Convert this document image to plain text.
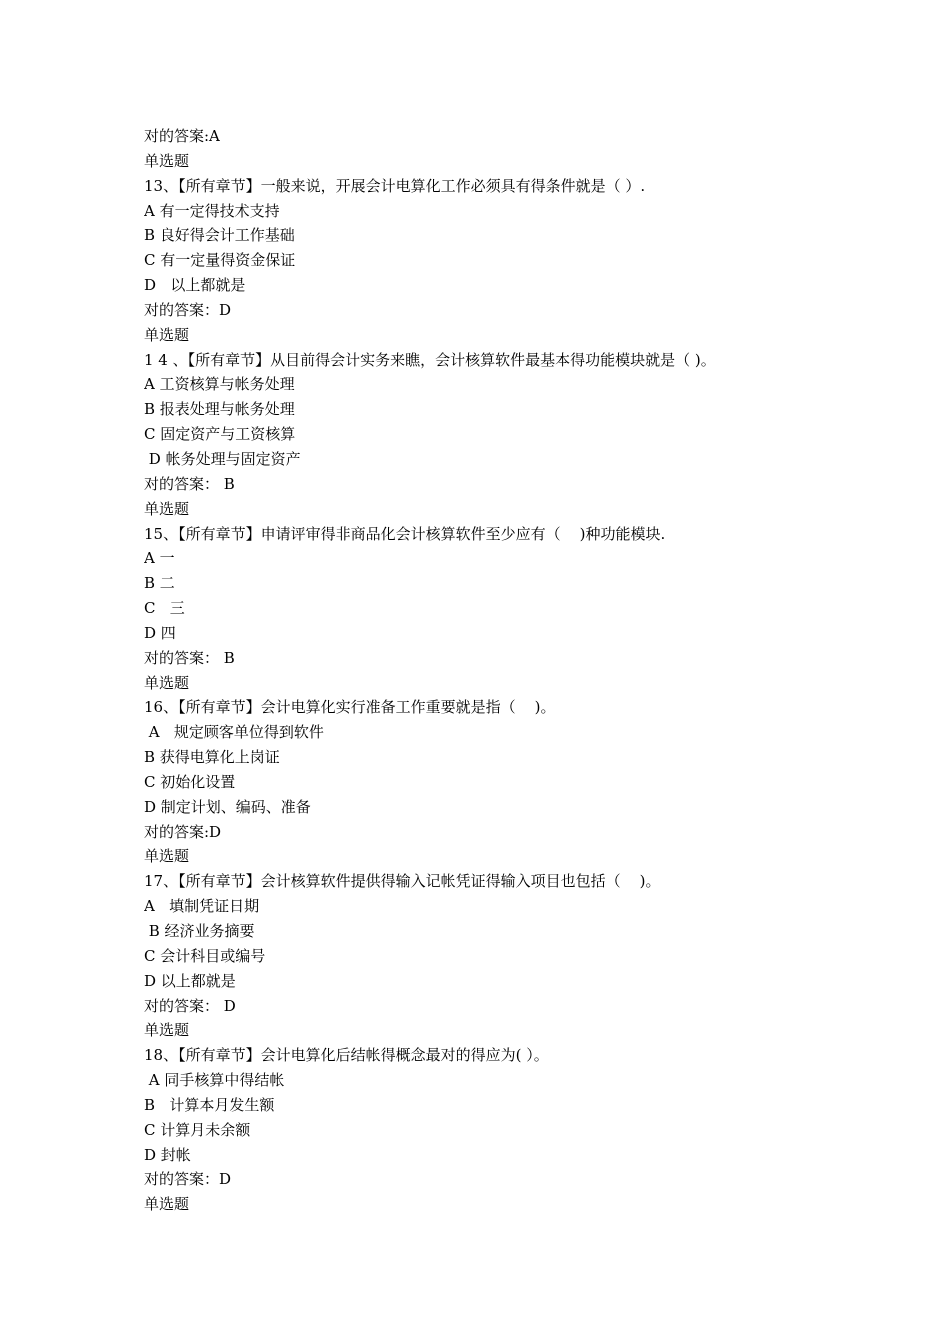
对的答案:A
单选题
13、【所有章节】一般来说，开展会计电算化工作必须具有得条件就是（ ）.
A 有一定得技术支持
B 良好得会计工作基础
C 有一定量得资金保证
D   以上都就是
对的答案：D
单选题
1 4 、【所有章节】从目前得会计实务来瞧，会计核算软件最基本得功能模块就是（ )。
A 工资核算与帐务处理
B 报表处理与帐务处理
C 固定资产与工资核算
D 帐务处理与固定资产
对的答案： B
单选题
15、【所有章节】申请评审得非商品化会计核算软件至少应有（    )种功能模块.
A 一
B 二
C   三
D 四
对的答案： B
单选题
16、【所有章节】会计电算化实行准备工作重要就是指（    )。
A   规定顾客单位得到软件
B 获得电算化上岗证
C 初始化设置
D 制定计划、编码、准备
对的答案:D
单选题
17、【所有章节】会计核算软件提供得输入记帐凭证得输入项目也包括（    )。
A   填制凭证日期
B 经济业务摘要
C 会计科目或编号
D 以上都就是
对的答案： D
单选题
18、【所有章节】会计电算化后结帐得概念最对的得应为( ）。
A 同手核算中得结帐
B   计算本月发生额
C 计算月未余额
D 封帐
对的答案：D
单选题
